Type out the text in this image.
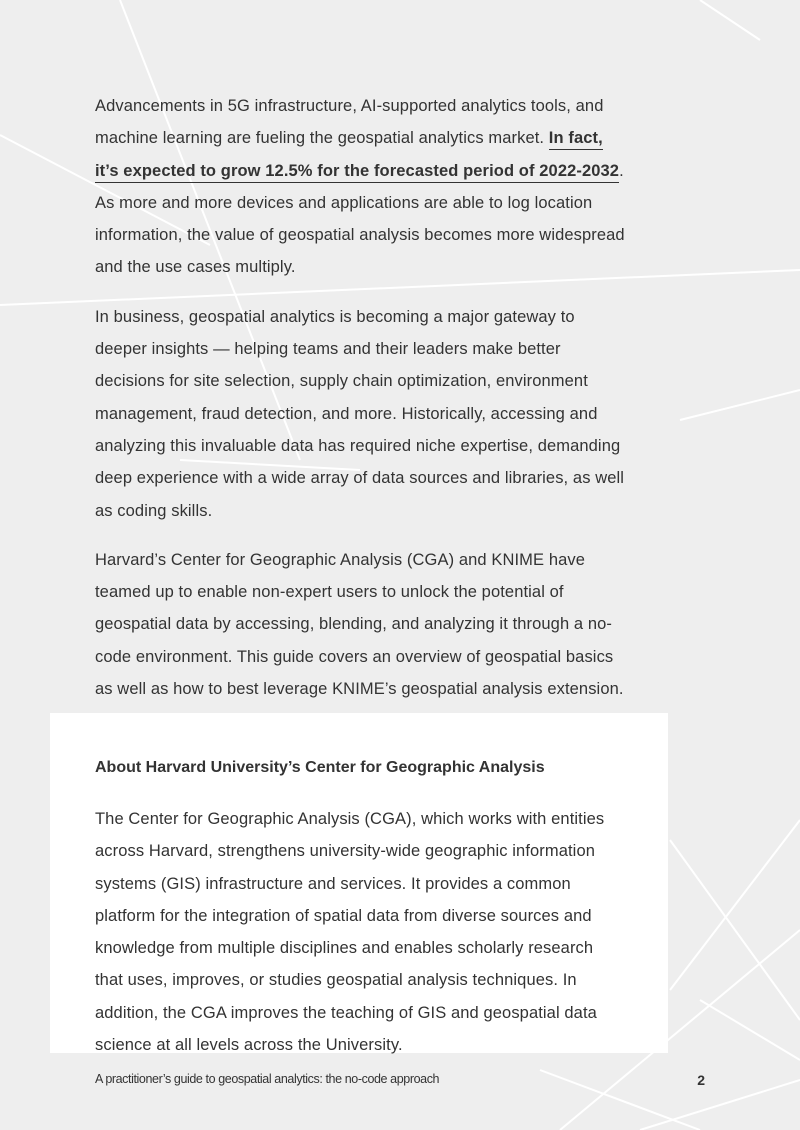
Advancements in 5G infrastructure, AI-supported analytics tools, and machine learning are fueling the geospatial analytics market. In fact, it’s expected to grow 12.5% for the forecasted period of 2022-2032. As more and more devices and applications are able to log location information, the value of geospatial analysis becomes more widespread and the use cases multiply.

In business, geospatial analytics is becoming a major gateway to deeper insights — helping teams and their leaders make better decisions for site selection, supply chain optimization, environment management, fraud detection, and more. Historically, accessing and analyzing this invaluable data has required niche expertise, demanding deep experience with a wide array of data sources and libraries, as well as coding skills.

Harvard’s Center for Geographic Analysis (CGA) and KNIME have teamed up to enable non-expert users to unlock the potential of geospatial data by accessing, blending, and analyzing it through a no-code environment. This guide covers an overview of geospatial basics as well as how to best leverage KNIME’s geospatial analysis extension.

About Harvard University’s Center for Geographic Analysis

The Center for Geographic Analysis (CGA), which works with entities across Harvard, strengthens university-wide geographic information systems (GIS) infrastructure and services. It provides a common platform for the integration of spatial data from diverse sources and knowledge from multiple disciplines and enables scholarly research that uses, improves, or studies geospatial analysis techniques. In addition, the CGA improves the teaching of GIS and geospatial data science at all levels across the University.

A practitioner’s guide to geospatial analytics: the no-code approach	2
